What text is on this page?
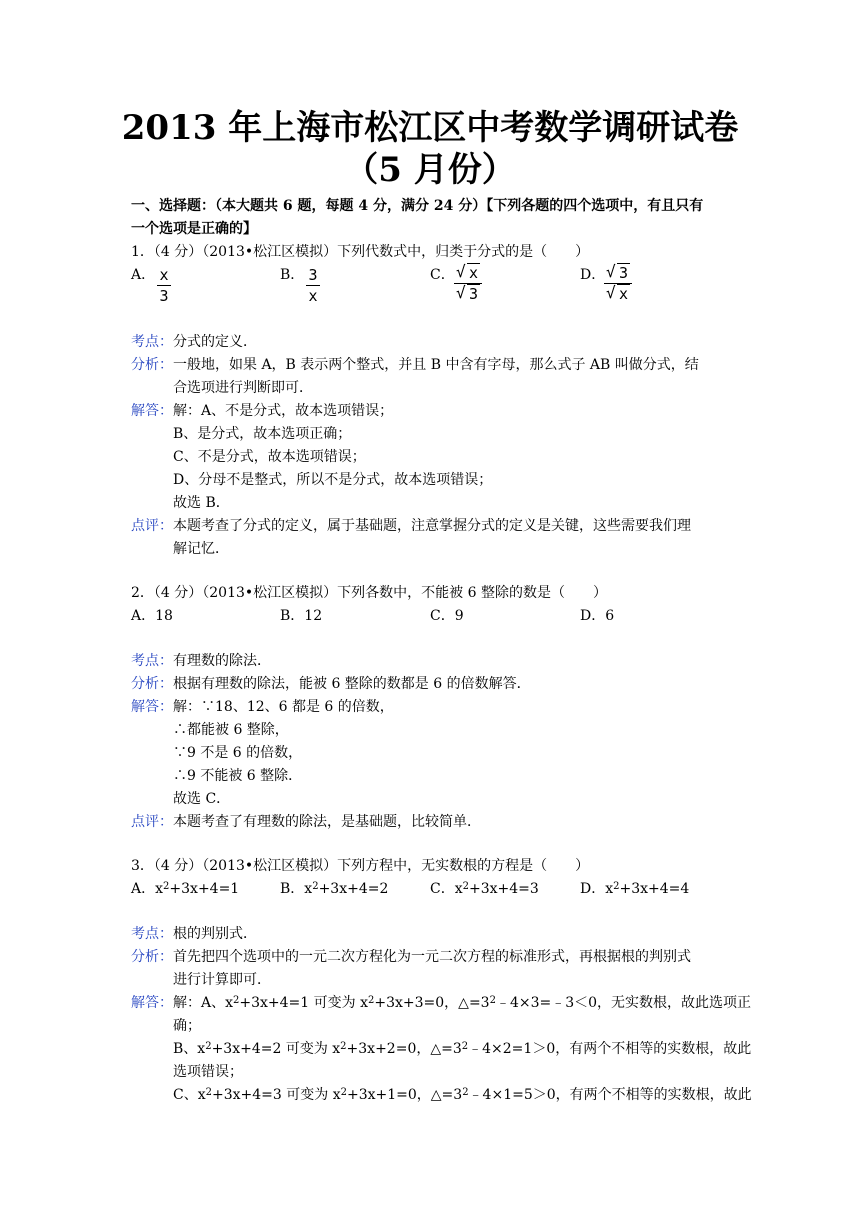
2013 年上海市松江区中考数学调研试卷
（5 月份）
一、选择题：（本大题共 6 题，每题 4 分，满分 24 分）【下列各题的四个选项中，有且只有
一个选项是正确的】
1．（4 分）（2013•松江区模拟）下列代数式中，归类于分式的是（　　）
A． x
3
B． 3
x
C． √ x
√ 3
D． √ 3
√ x
考点： 分式的定义．
分析： 一般地，如果 A，B 表示两个整式，并且 B 中含有字母，那么式子 AB 叫做分式，结
合选项进行判断即可．
解答： 解：A、不是分式，故本选项错误；
B、是分式，故本选项正确；
C、不是分式，故本选项错误；
D、分母不是整式，所以不是分式，故本选项错误；
故选 B．
点评： 本题考查了分式的定义，属于基础题，注意掌握分式的定义是关键，这些需要我们理
解记忆．
2．（4 分）（2013•松江区模拟）下列各数中，不能被 6 整除的数是（　　）
A．18	B．12	C．9	D．6
考点： 有理数的除法．
分析： 根据有理数的除法，能被 6 整除的数都是 6 的倍数解答．
解答： 解：∵18、12、6 都是 6 的倍数，
∴都能被 6 整除，
∵9 不是 6 的倍数，
∴9 不能被 6 整除．
故选 C．
点评： 本题考查了有理数的除法，是基础题，比较简单．
3．（4 分）（2013•松江区模拟）下列方程中，无实数根的方程是（　　）
A．$x^2+3x+4=1$	B．$x^2+3x+4=2$	C．$x^2+3x+4=3$	D．$x^2+3x+4=4$
考点： 根的判别式．
分析： 首先把四个选项中的一元二次方程化为一元二次方程的标准形式，再根据根的判别式
进行计算即可．
解答： 解：A、$x^2+3x+4=1$ 可变为 $x^2+3x+3=0$，$\triangle=3^2﹣4\times 3=﹣3<0$，无实数根，故此选项正
确；
B、$x^2+3x+4=2$ 可变为 $x^2+3x+2=0$，$\triangle=3^2﹣4\times 2=1>0$，有两个不相等的实数根，故此
选项错误；
C、$x^2+3x+4=3$ 可变为 $x^2+3x+1=0$，$\triangle=3^2﹣4\times 1=5>0$，有两个不相等的实数根，故此
